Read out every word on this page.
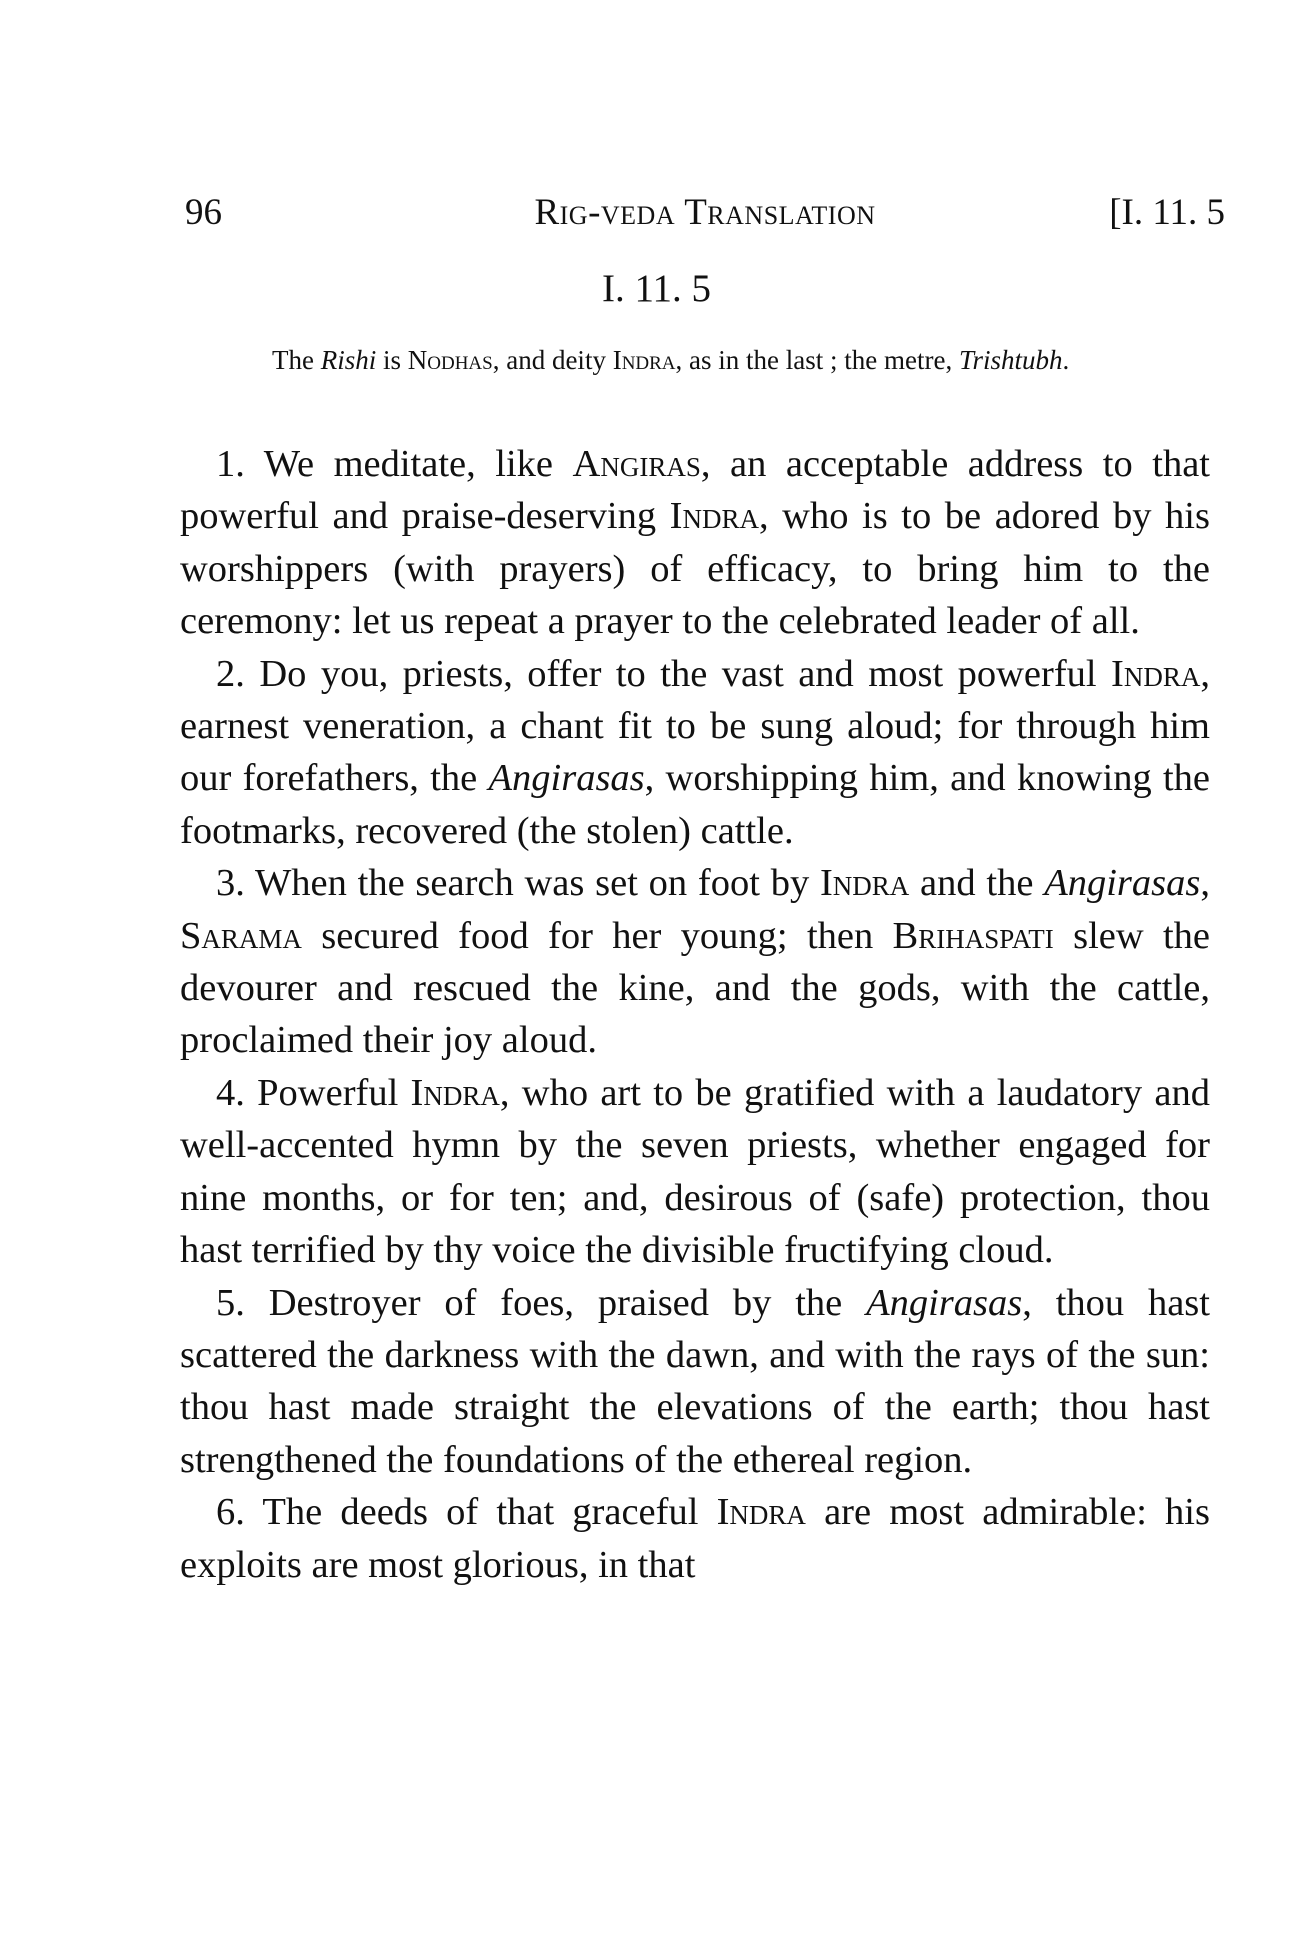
96	Rig-veda Translation	[I. 11. 5
I. 11. 5
The Rishi is Nodhas, and deity Indra, as in the last ; the metre, Trishtubh.

1. We meditate, like Angiras, an acceptable address to that powerful and praise-deserving Indra, who is to be adored by his worshippers (with prayers) of efficacy, to bring him to the ceremony: let us repeat a prayer to the celebrated leader of all.

2. Do you, priests, offer to the vast and most powerful Indra, earnest veneration, a chant fit to be sung aloud; for through him our forefathers, the Angirasas, worshipping him, and knowing the footmarks, recovered (the stolen) cattle.

3. When the search was set on foot by Indra and the Angirasas, Sarama secured food for her young; then Brihaspati slew the devourer and rescued the kine, and the gods, with the cattle, proclaimed their joy aloud.

4. Powerful Indra, who art to be gratified with a laudatory and well-accented hymn by the seven priests, whether engaged for nine months, or for ten; and, desirous of (safe) protection, thou hast terrified by thy voice the divisible fructifying cloud.

5. Destroyer of foes, praised by the Angirasas, thou hast scattered the darkness with the dawn, and with the rays of the sun: thou hast made straight the elevations of the earth; thou hast strengthened the foundations of the ethereal region.

6. The deeds of that graceful Indra are most admirable: his exploits are most glorious, in that
